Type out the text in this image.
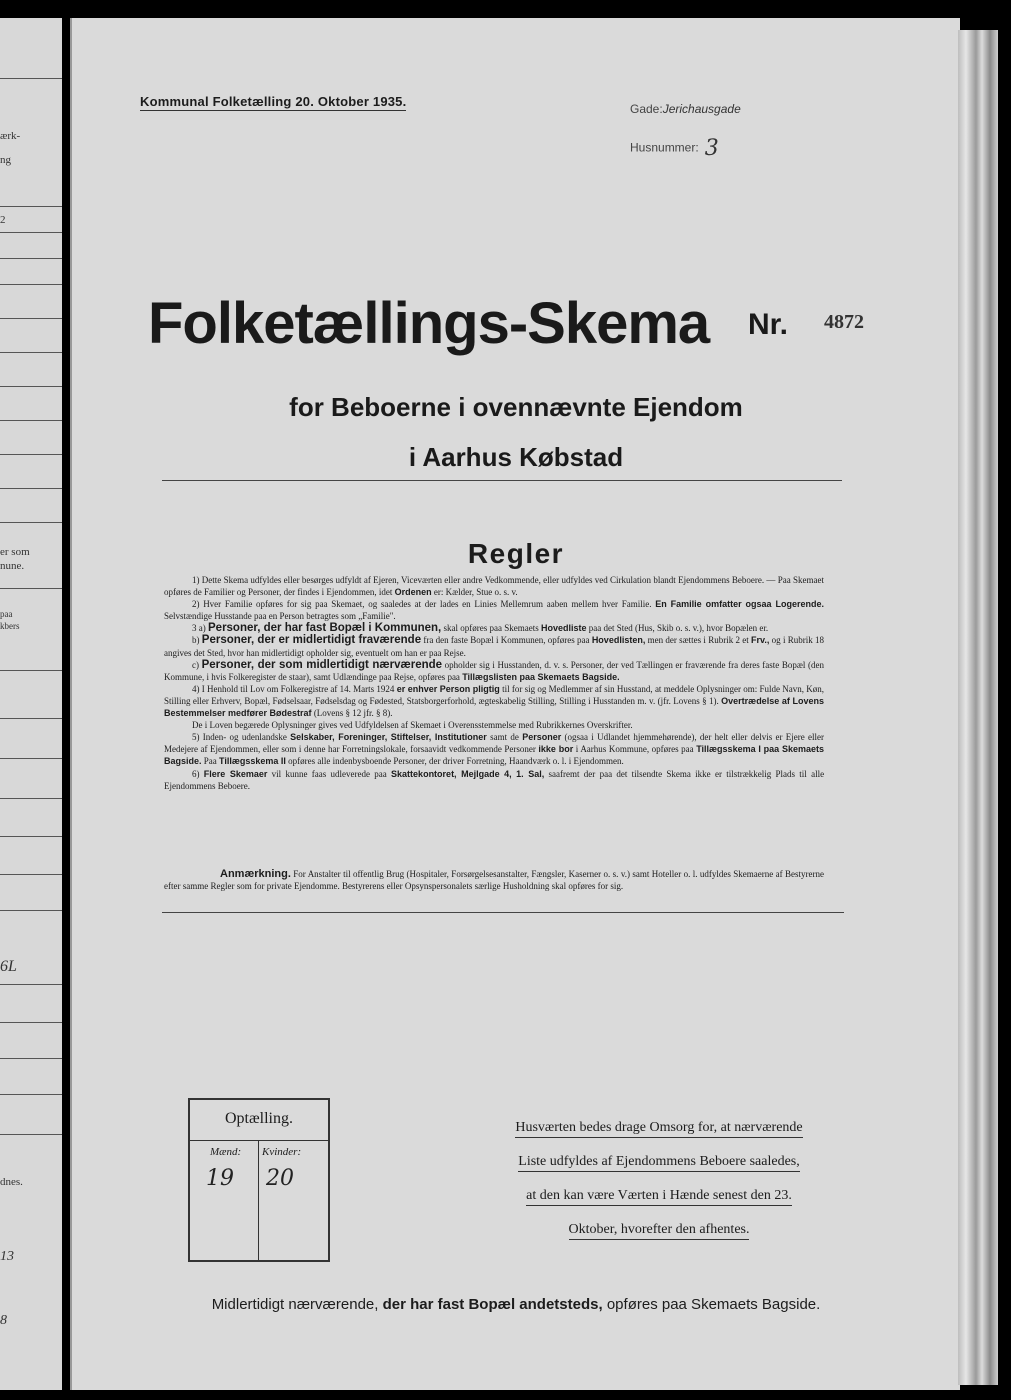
ærk-
ng
2
er som
nune.
paa
kbers
6L
dnes.
13
8
Kommunal Folketælling 20. Oktober 1935.	Gade:Jerichausgade
Husnummer: 3
Folketællings-Skema Nr. 4872
for Beboerne i ovennævnte Ejendom
i Aarhus Købstad
Regler

1) Dette Skema udfyldes eller besørges udfyldt af Ejeren, Viceværten eller andre Vedkommende, eller udfyldes ved Cirkulation blandt Ejendommens Beboere. — Paa Skemaet opføres de Familier og Personer, der findes i Ejendommen, idet Ordenen er: Kælder, Stue o. s. v.

2) Hver Familie opføres for sig paa Skemaet, og saaledes at der lades en Linies Mellemrum aaben mellem hver Familie. En Familie omfatter ogsaa Logerende. Selvstændige Husstande paa en Person betragtes som „Familie".

3 a) Personer, der har fast Bopæl i Kommunen, skal opføres paa Skemaets Hovedliste paa det Sted (Hus, Skib o. s. v.), hvor Bopælen er.

b) Personer, der er midlertidigt fraværende fra den faste Bopæl i Kommunen, opføres paa Hovedlisten, men der sættes i Rubrik 2 et Frv., og i Rubrik 18 angives det Sted, hvor han midlertidigt opholder sig, eventuelt om han er paa Rejse.

c) Personer, der som midlertidigt nærværende opholder sig i Husstanden, d. v. s. Personer, der ved Tællingen er fraværende fra deres faste Bopæl (den Kommune, i hvis Folkeregister de staar), samt Udlændinge paa Rejse, opføres paa Tillægslisten paa Skemaets Bagside.

4) I Henhold til Lov om Folkeregistre af 14. Marts 1924 er enhver Person pligtig til for sig og Medlemmer af sin Husstand, at meddele Oplysninger om: Fulde Navn, Køn, Stilling eller Erhverv, Bopæl, Fødselsaar, Fødselsdag og Fødested, Statsborgerforhold, ægteskabelig Stilling, Stilling i Husstanden m. v. (jfr. Lovens § 1). Overtrædelse af Lovens Bestemmelser medfører Bødestraf (Lovens § 12 jfr. § 8).

De i Loven begærede Oplysninger gives ved Udfyldelsen af Skemaet i Overensstemmelse med Rubrikkernes Overskrifter.

5) Inden- og udenlandske Selskaber, Foreninger, Stiftelser, Institutioner samt de Personer (ogsaa i Udlandet hjemmehørende), der helt eller delvis er Ejere eller Medejere af Ejendommen, eller som i denne har Forretningslokale, forsaavidt vedkommende Personer ikke bor i Aarhus Kommune, opføres paa Tillægsskema I paa Skemaets Bagside. Paa Tillægsskema II opføres alle indenbysboende Personer, der driver Forretning, Haandværk o. l. i Ejendommen.

6) Flere Skemaer vil kunne faas udleverede paa Skattekontoret, Mejlgade 4, 1. Sal, saafremt der paa det tilsendte Skema ikke er tilstrækkelig Plads til alle Ejendommens Beboere.

Anmærkning. For Anstalter til offentlig Brug (Hospitaler, Forsørgelsesanstalter, Fængsler, Kaserner o. s. v.) samt Hoteller o. l. udfyldes Skemaerne af Bestyrerne efter samme Regler som for private Ejendomme. Bestyrerens eller Opsynspersonalets særlige Husholdning skal opføres for sig.
Optælling.
Mænd: Kvinder:
19 20
Husværten bedes drage Omsorg for, at nærværende
Liste udfyldes af Ejendommens Beboere saaledes,
at den kan være Værten i Hænde senest den 23.
Oktober, hvorefter den afhentes.
Midlertidigt nærværende, der har fast Bopæl andetsteds, opføres paa Skemaets Bagside.
